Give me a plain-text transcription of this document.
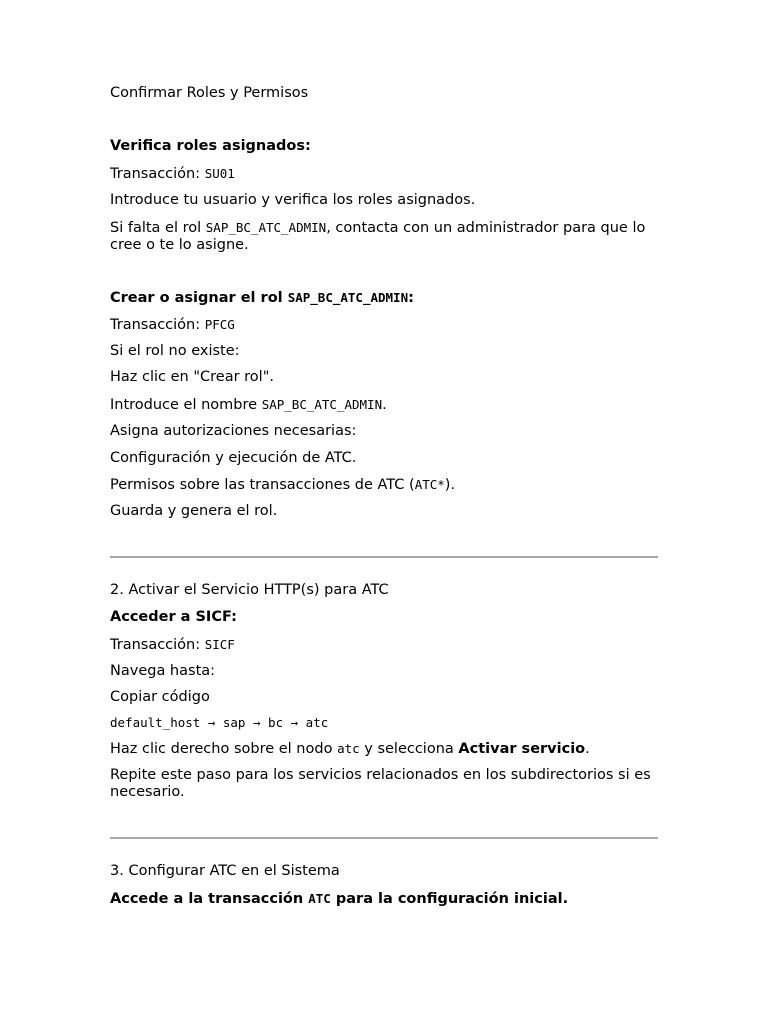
Confirmar Roles y Permisos
Verifica roles asignados:
Transacción: SU01
Introduce tu usuario y verifica los roles asignados.
Si falta el rol SAP_BC_ATC_ADMIN, contacta con un administrador para que lo cree o te lo asigne.
Crear o asignar el rol SAP_BC_ATC_ADMIN:
Transacción: PFCG
Si el rol no existe:
Haz clic en "Crear rol".
Introduce el nombre SAP_BC_ATC_ADMIN.
Asigna autorizaciones necesarias:
Configuración y ejecución de ATC.
Permisos sobre las transacciones de ATC (ATC*).
Guarda y genera el rol.
2. Activar el Servicio HTTP(s) para ATC
Acceder a SICF:
Transacción: SICF
Navega hasta:
Copiar código
default_host → sap → bc → atc
Haz clic derecho sobre el nodo atc y selecciona Activar servicio.
Repite este paso para los servicios relacionados en los subdirectorios si es necesario.
3. Configurar ATC en el Sistema
Accede a la transacción ATC para la configuración inicial.
